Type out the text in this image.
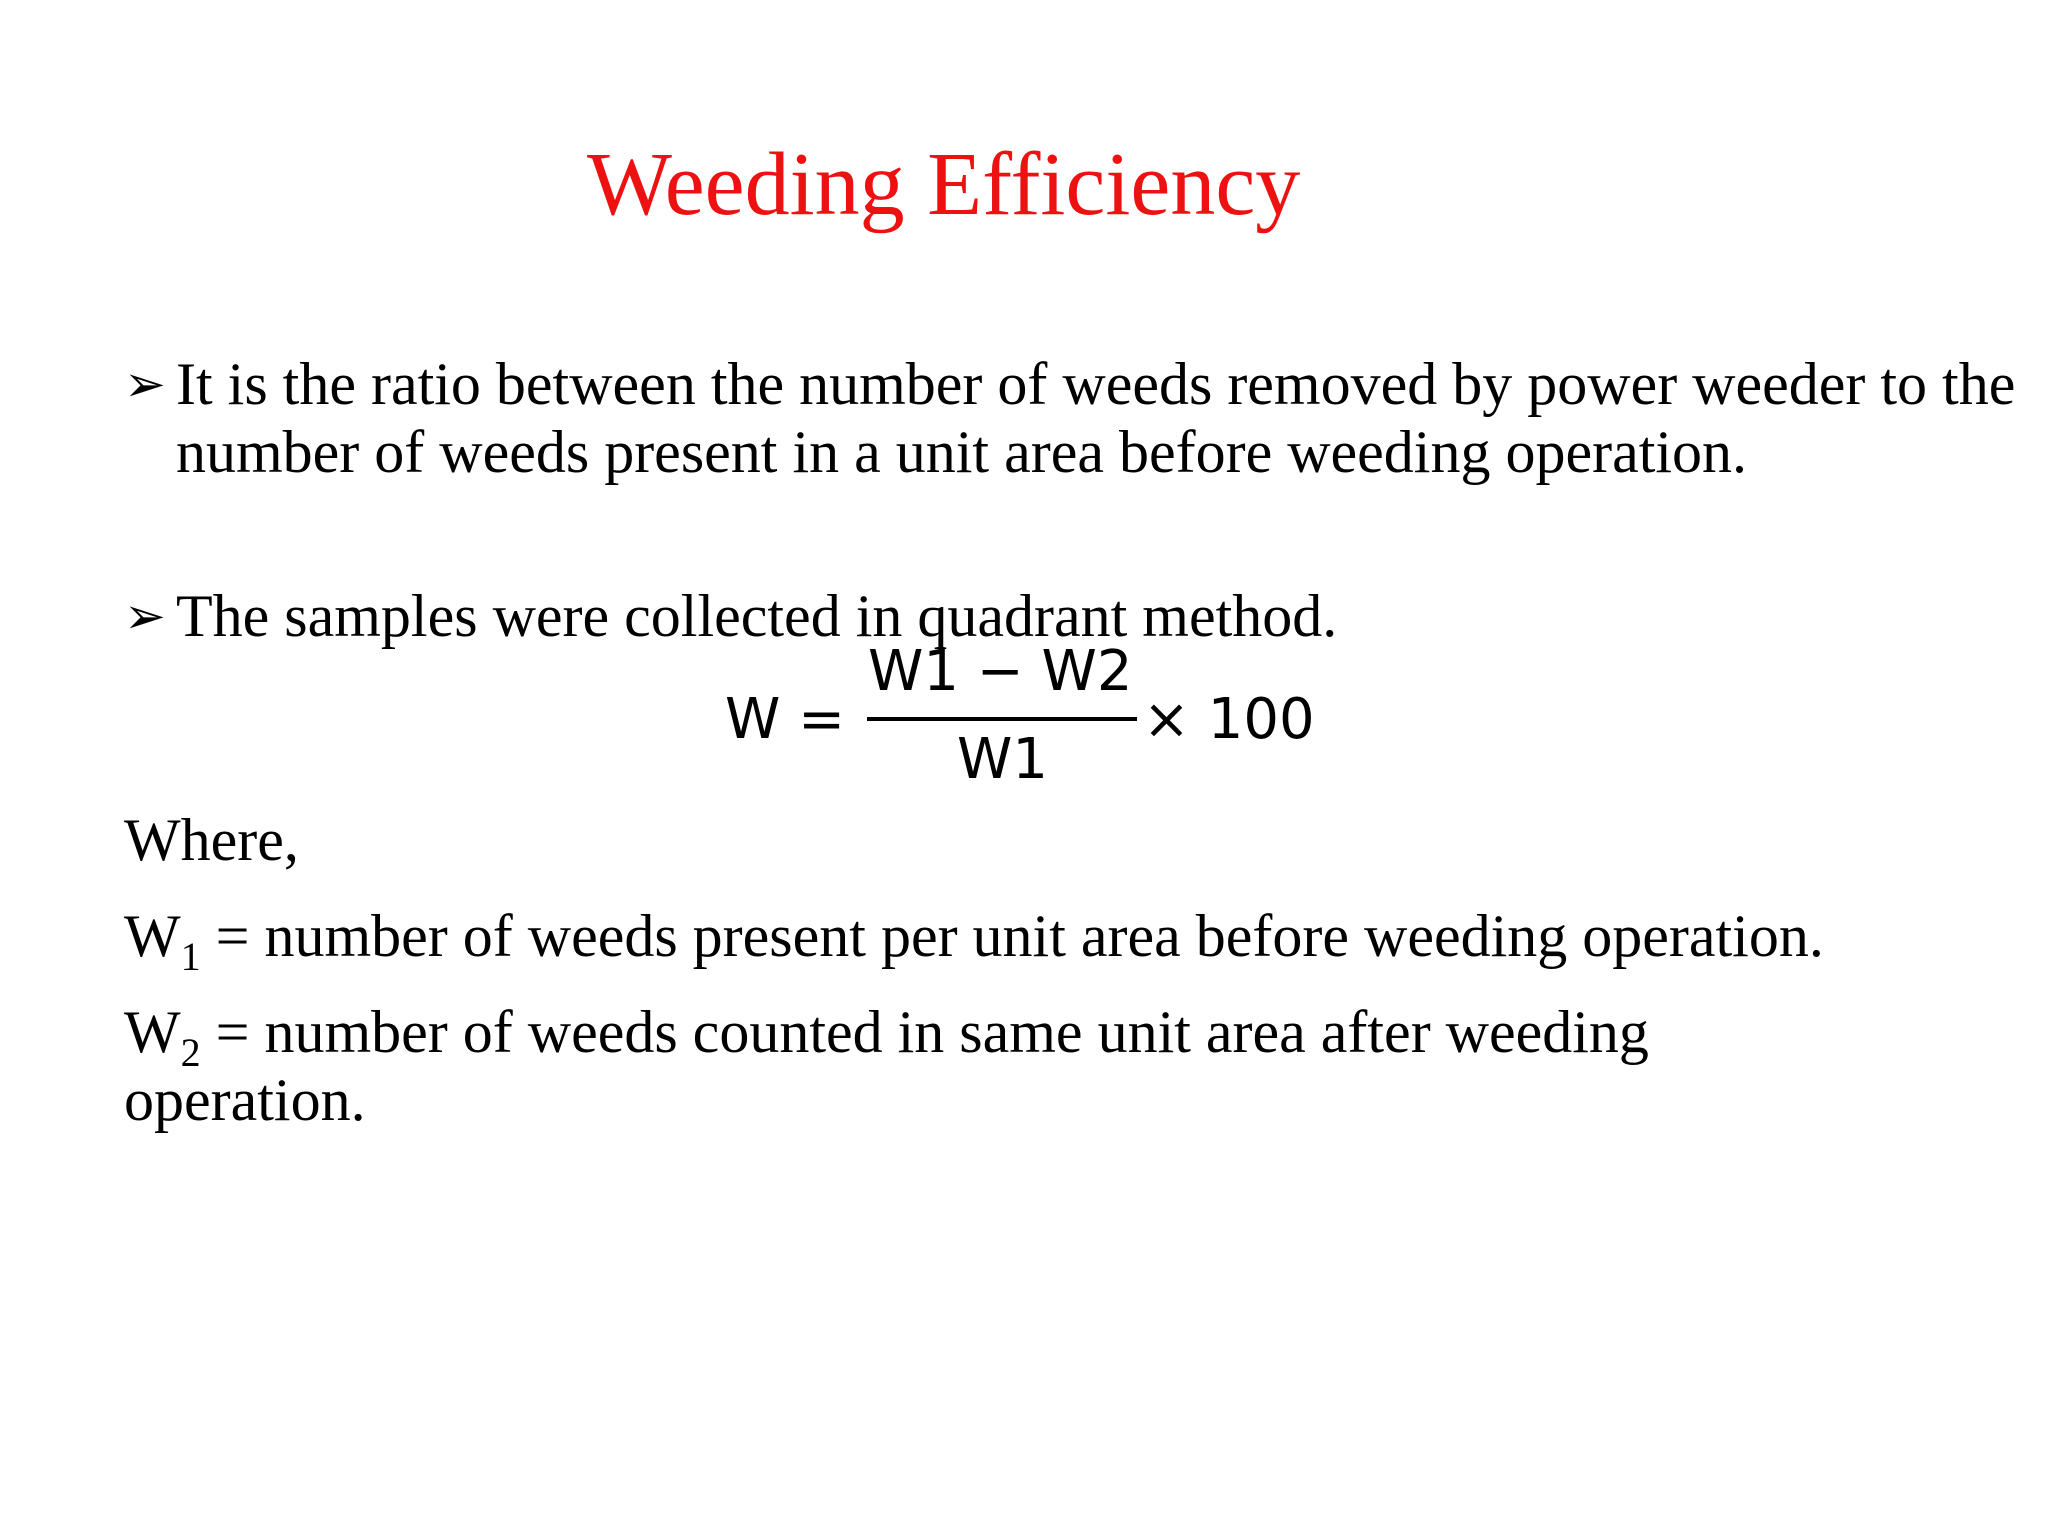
Weeding Efficiency
➢ It is the ratio between the number of weeds removed by power weeder to the number of weeds present in a unit area before weeding operation.
➢ The samples were collected in quadrant method.
W =
W1 − W2
W1
× 100
Where,
$W_1$ = number of weeds present per unit area before weeding operation.
$W_2$ = number of weeds counted in same unit area after weeding
operation.
